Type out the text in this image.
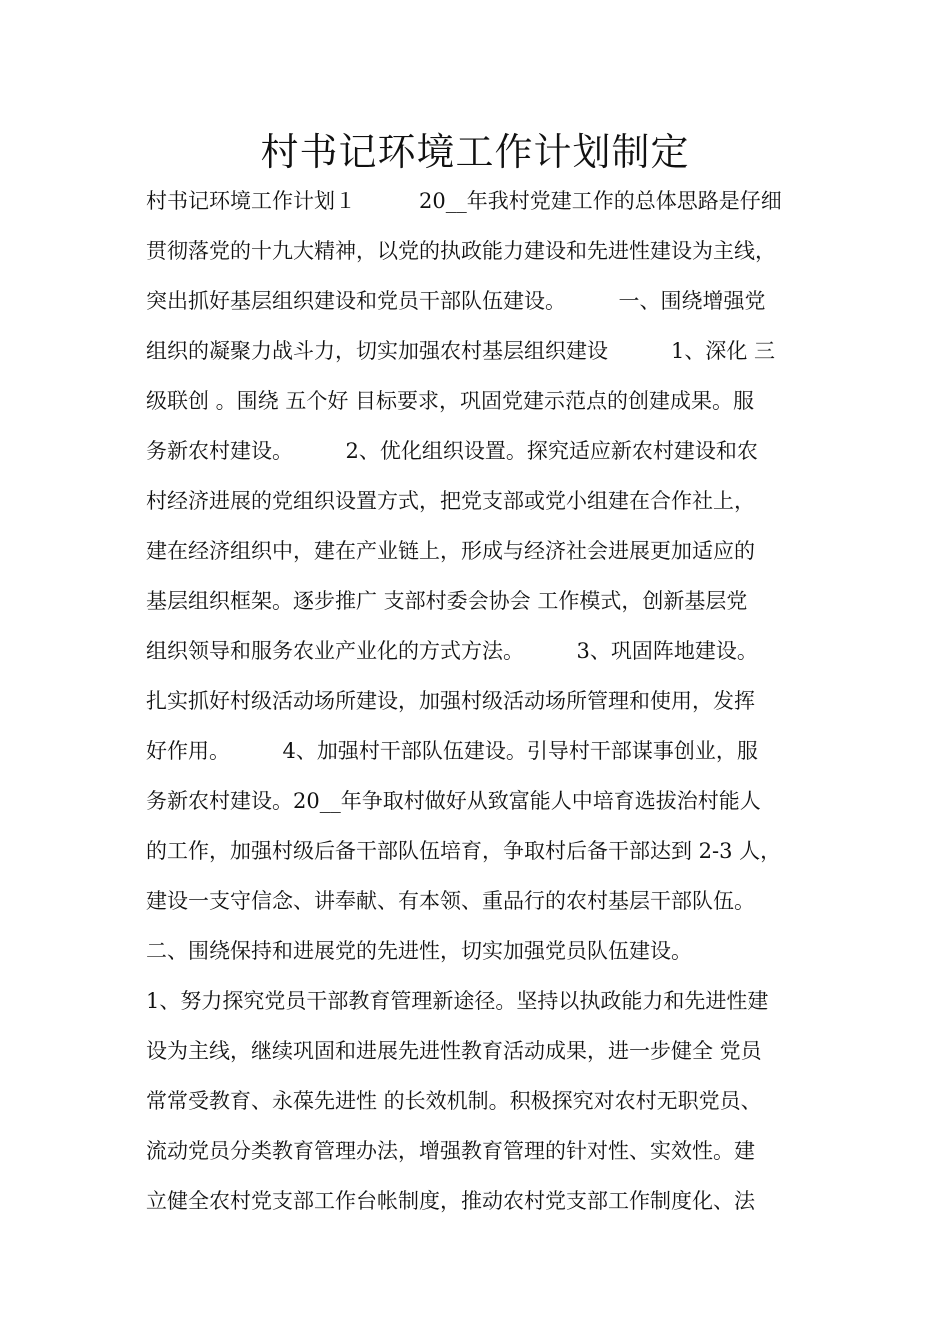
村书记环境工作计划制定
村书记环境工作计划１　　　20__年我村党建工作的总体思路是仔细
贯彻落党的十九大精神，以党的执政能力建设和先进性建设为主线，
突出抓好基层组织建设和党员干部队伍建设。　　　一、围绕增强党
组织的凝聚力战斗力，切实加强农村基层组织建设　　　1、深化 三
级联创 。围绕 五个好 目标要求，巩固党建示范点的创建成果。服
务新农村建设。　　　2、优化组织设置。探究适应新农村建设和农
村经济进展的党组织设置方式，把党支部或党小组建在合作社上，
建在经济组织中，建在产业链上，形成与经济社会进展更加适应的
基层组织框架。逐步推广 支部村委会协会 工作模式，创新基层党
组织领导和服务农业产业化的方式方法。　　　3、巩固阵地建设。
扎实抓好村级活动场所建设，加强村级活动场所管理和使用，发挥
好作用。　　　4、加强村干部队伍建设。引导村干部谋事创业，服
务新农村建设。20__年争取村做好从致富能人中培育选拔治村能人
的工作，加强村级后备干部队伍培育，争取村后备干部达到 2-3 人，
建设一支守信念、讲奉献、有本领、重品行的农村基层干部队伍。
二、围绕保持和进展党的先进性，切实加强党员队伍建设。
1、努力探究党员干部教育管理新途径。坚持以执政能力和先进性建
设为主线，继续巩固和进展先进性教育活动成果，进一步健全 党员
常常受教育、永葆先进性 的长效机制。积极探究对农村无职党员、
流动党员分类教育管理办法，增强教育管理的针对性、实效性。建
立健全农村党支部工作台帐制度，推动农村党支部工作制度化、法
